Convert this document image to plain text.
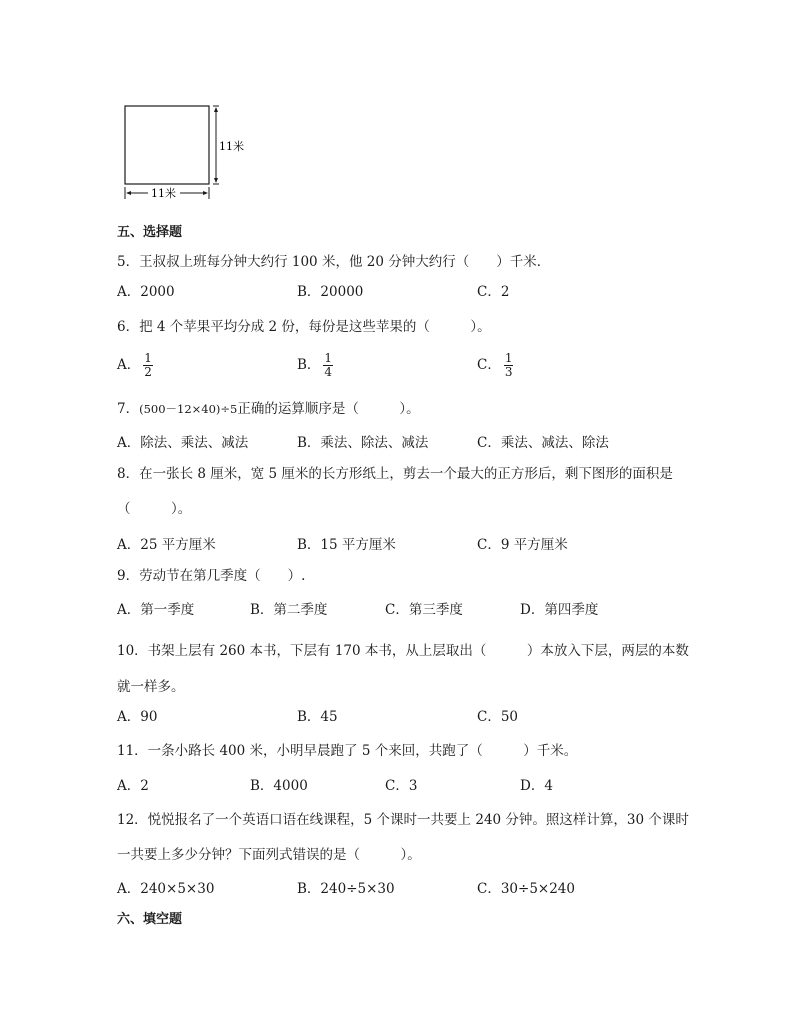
11米
11米
五、选择题
5．王叔叔上班每分钟大约行 100 米，他 20 分钟大约行（　　）千米．
A．2000	B．20000	C．2
6．把 4 个苹果平均分成 2 份，每份是这些苹果的（　　　）。
A． $\frac{1}{2}$	B． $\frac{1}{4}$	C． $\frac{1}{3}$
7．(500－12×40)÷5正确的运算顺序是（　　　）。
A．除法、乘法、减法	B．乘法、除法、减法	C．乘法、减法、除法
8．在一张长 8 厘米，宽 5 厘米的长方形纸上，剪去一个最大的正方形后，剩下图形的面积是
（　　　）。
A．25 平方厘米	B．15 平方厘米	C．9 平方厘米
9．劳动节在第几季度（　　）.
A．第一季度	B．第二季度	C．第三季度	D．第四季度
10．书架上层有 260 本书，下层有 170 本书，从上层取出（　　　）本放入下层，两层的本数
就一样多。
A．90	B．45	C．50
11．一条小路长 400 米，小明早晨跑了 5 个来回，共跑了（　　　）千米。
A．2	B．4000	C．3	D．4
12．悦悦报名了一个英语口语在线课程，5 个课时一共要上 240 分钟。照这样计算，30 个课时
一共要上多少分钟？下面列式错误的是（　　　）。
A．240×5×30	B．240÷5×30	C．30÷5×240
六、填空题
